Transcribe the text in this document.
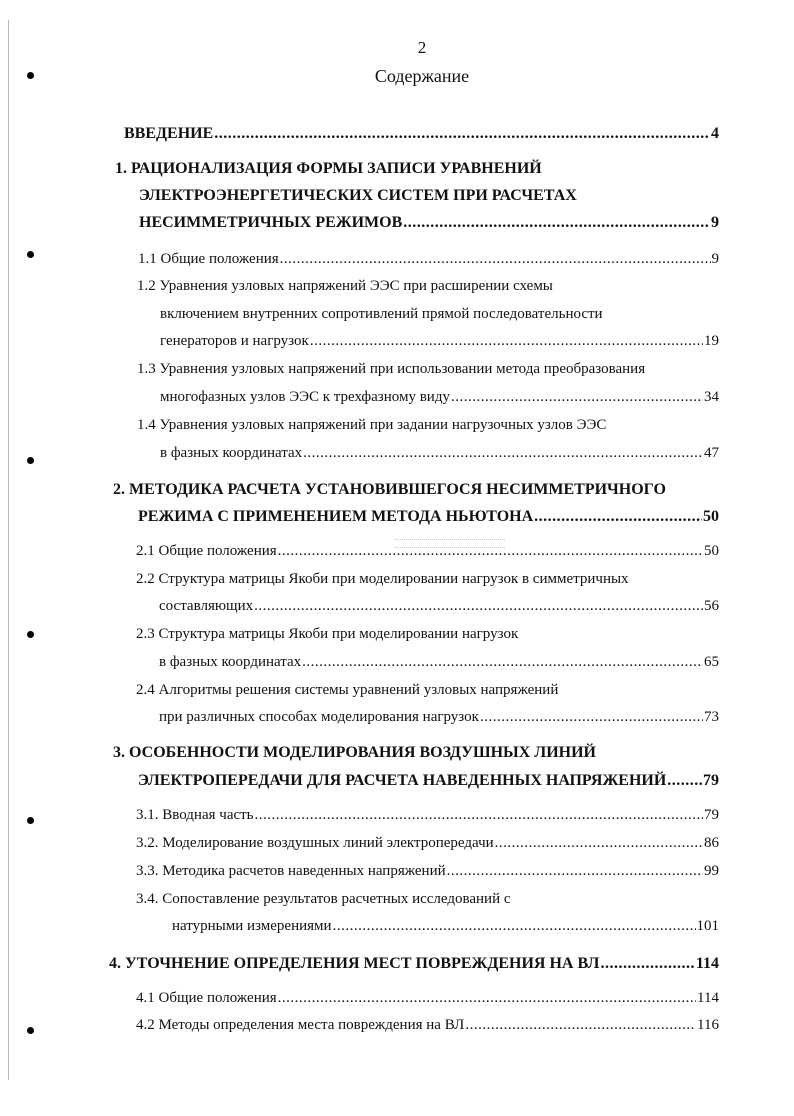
2
Содержание
ВВЕДЕНИЕ .....	4
1. РАЦИОНАЛИЗАЦИЯ ФОРМЫ ЗАПИСИ УРАВНЕНИЙ
ЭЛЕКТРОЭНЕРГЕТИЧЕСКИХ СИСТЕМ ПРИ РАСЧЕТАХ
НЕСИММЕТРИЧНЫХ РЕЖИМОВ .....	9
1.1 Общие положения .....	9
1.2 Уравнения узловых напряжений ЭЭС при расширении схемы
включением внутренних сопротивлений прямой последовательности
генераторов и нагрузок .....	19
1.3 Уравнения узловых напряжений при использовании метода преобразования
многофазных узлов ЭЭС к трехфазному виду .....	34
1.4 Уравнения узловых напряжений при задании нагрузочных узлов ЭЭС
в фазных координатах .....	47
2. МЕТОДИКА РАСЧЕТА УСТАНОВИВШЕГОСЯ НЕСИММЕТРИЧНОГО
РЕЖИМА С ПРИМЕНЕНИЕМ МЕТОДА НЬЮТОНА .....	50
2.1 Общие положения .....	50
2.2 Структура матрицы Якоби при моделировании нагрузок в симметричных
составляющих .....	56
2.3 Структура матрицы Якоби при моделировании нагрузок
в фазных координатах .....	65
2.4 Алгоритмы решения системы уравнений узловых напряжений
при различных способах моделирования нагрузок .....	73
3. ОСОБЕННОСТИ МОДЕЛИРОВАНИЯ ВОЗДУШНЫХ ЛИНИЙ
ЭЛЕКТРОПЕРЕДАЧИ ДЛЯ РАСЧЕТА НАВЕДЕННЫХ НАПРЯЖЕНИЙ ..... 79
3.1. Вводная часть .....	79
3.2. Моделирование воздушных линий электропередачи .....	86
3.3. Методика расчетов наведенных напряжений .....	99
3.4. Сопоставление результатов расчетных исследований с
натурными измерениями .....	101
4. УТОЧНЕНИЕ ОПРЕДЕЛЕНИЯ МЕСТ ПОВРЕЖДЕНИЯ НА ВЛ .....	114
4.1 Общие положения .....	114
4.2 Методы определения места повреждения на ВЛ .....	116
